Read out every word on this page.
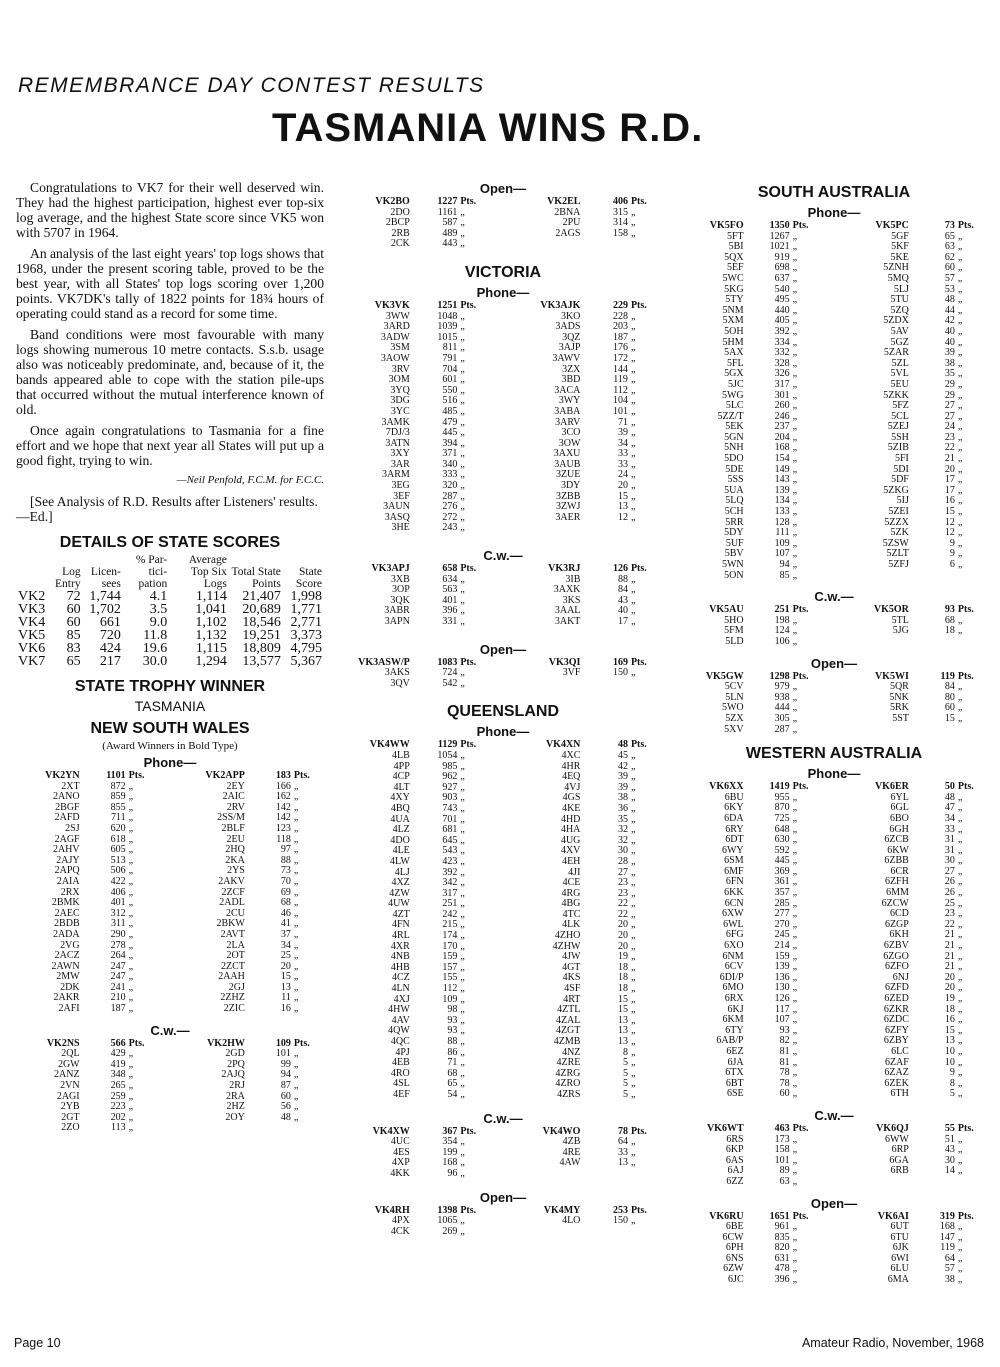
REMEMBRANCE DAY CONTEST RESULTS
TASMANIA WINS R.D.

Congratulations to VK7 for their well deserved win. They had the highest participation, highest ever top-six log average, and the highest State score since VK5 won with 5707 in 1964.

An analysis of the last eight years' top logs shows that 1968, under the present scoring table, proved to be the best year, with all States' top logs scoring over 1,200 points. VK7DK's tally of 1822 points for 18¾ hours of operating could stand as a record for some time.

Band conditions were most favourable with many logs showing numerous 10 metre contacts. S.s.b. usage also was noticeably predominate, and, because of it, the bands appeared able to cope with the station pile-ups that occurred without the mutual interference known of old.

Once again congratulations to Tasmania for a fine effort and we hope that next year all States will put up a good fight, trying to win.

—Neil Penfold, F.C.M. for F.C.C.

[See Analysis of R.D. Results after Listeners' results.—Ed.]

DETAILS OF STATE SCORES
	Log Entry	Licen-sees	% Par-tici-pation	Average Top Six Logs	Total State Points	State Score
VK2	72	1,744	4.1	1,114	21,407	1,998
VK3	60	1,702	3.5	1,041	20,689	1,771
VK4	60	661	9.0	1,102	18,546	2,771
VK5	85	720	11.8	1,132	19,251	3,373
VK6	83	424	19.6	1,115	18,809	4,795
VK7	65	217	30.0	1,294	13,577	5,367
STATE TROPHY WINNER
TASMANIA
NEW SOUTH WALES
(Award Winners in Bold Type)
Phone—
VK2YN	1101	Pts.	VK2APP	183	Pts.
2XT	872	„	2EY	166	„
2ANO	859	„	2AIC	162	„
2BGF	855	„	2RV	142	„
2AFD	711	„	2SS/M	142	„
2SJ	620	„	2BLF	123	„
2AGF	618	„	2EU	118	„
2AHV	605	„	2HQ	97	„
2AJY	513	„	2KA	88	„
2APQ	506	„	2YS	73	„
2AIA	422	„	2AKV	70	„
2RX	406	„	2ZCF	69	„
2BMK	401	„	2ADL	68	„
2AEC	312	„	2CU	46	„
2BDB	311	„	2BKW	41	„
2ADA	290	„	2AVT	37	„
2VG	278	„	2LA	34	„
2ACZ	264	„	2OT	25	„
2AWN	247	„	2ZCT	20	„
2MW	247	„	2AAH	15	„
2DK	241	„	2GJ	13	„
2AKR	210	„	2ZHZ	11	„
2AFI	187	„	2ZIC	16	„
C.w.—
VK2NS	566	Pts.	VK2HW	109	Pts.
2QL	429	„	2GD	101	„
2GW	419	„	2PQ	99	„
2ANZ	348	„	2AJQ	94	„
2VN	265	„	2RJ	87	„
2AGI	259	„	2RA	60	„
2YB	223	„	2HZ	56	„
2GT	202	„	2OY	48	„
2ZO	113	„			
Open—
VK2BO	1227	Pts.	VK2EL	406	Pts.
2DO	1161	„	2BNA	315	„
2BCP	587	„	2PU	314	„
2RB	489	„	2AGS	158	„
2CK	443	„			
VICTORIA
Phone—
VK3VK	1251	Pts.	VK3AJK	229	Pts.
3WW	1048	„	3KO	228	„
3ARD	1039	„	3ADS	203	„
3ADW	1015	„	3QZ	187	„
3SM	811	„	3AJP	176	„
3AOW	791	„	3AWV	172	„
3RV	704	„	3ZX	144	„
3OM	601	„	3BD	119	„
3YQ	550	„	3ACA	112	„
3DG	516	„	3WY	104	„
3YC	485	„	3ABA	101	„
3AMK	479	„	3ARV	71	„
7DJ/3	445	„	3CO	39	„
3ATN	394	„	3OW	34	„
3XY	371	„	3AXU	33	„
3AR	340	„	3AUB	33	„
3ARM	333	„	3ZUE	24	„
3EG	320	„	3DY	20	„
3EF	287	„	3ZBB	15	„
3AUN	276	„	3ZWJ	13	„
3ASQ	272	„	3AER	12	„
3HE	243	„			
C.w.—
VK3APJ	658	Pts.	VK3RJ	126	Pts.
3XB	634	„	3IB	88	„
3OP	563	„	3AXK	84	„
3QK	401	„	3KS	43	„
3ABR	396	„	3AAL	40	„
3APN	331	„	3AKT	17	„
Open—
VK3ASW/P	1083	Pts.	VK3QI	169	Pts.
3AKS	724	„	3VF	150	„
3QV	542	„			
QUEENSLAND
Phone—
VK4WW	1129	Pts.	VK4XN	48	Pts.
4LB	1054	„	4XC	45	„
4PP	985	„	4HR	42	„
4CP	962	„	4EQ	39	„
4LT	927	„	4VJ	39	„
4XY	903	„	4GS	38	„
4BQ	743	„	4KE	36	„
4UA	701	„	4HD	35	„
4LZ	681	„	4HA	32	„
4DO	645	„	4UG	32	„
4LE	543	„	4XV	30	„
4LW	423	„	4EH	28	„
4LJ	392	„	4JI	27	„
4XZ	342	„	4CE	23	„
4ZW	317	„	4RG	23	„
4UW	251	„	4BG	22	„
4ZT	242	„	4TC	22	„
4FN	215	„	4LK	20	„
4RL	174	„	4ZHO	20	„
4XR	170	„	4ZHW	20	„
4NB	159	„	4JW	19	„
4HB	157	„	4GT	18	„
4CZ	155	„	4KS	18	„
4LN	112	„	4SF	18	„
4XJ	109	„	4RT	15	„
4HW	98	„	4ZTL	15	„
4AV	93	„	4ZAL	13	„
4QW	93	„	4ZGT	13	„
4QC	88	„	4ZMB	13	„
4PJ	86	„	4NZ	8	„
4EB	71	„	4ZRE	5	„
4RO	68	„	4ZRG	5	„
4SL	65	„	4ZRO	5	„
4EF	54	„	4ZRS	5	„
C.w.—
VK4XW	367	Pts.	VK4WO	78	Pts.
4UC	354	„	4ZB	64	„
4ES	199	„	4RE	33	„
4XP	168	„	4AW	13	„
4KK	96	„			
Open—
VK4RH	1398	Pts.	VK4MY	253	Pts.
4PX	1065	„	4LO	150	„
4CK	269	„			
SOUTH AUSTRALIA
Phone—
VK5FO	1350	Pts.	VK5PC	73	Pts.
5FT	1267	„	5GF	65	„
5BI	1021	„	5KF	63	„
5QX	919	„	5KE	62	„
5EF	698	„	5ZNH	60	„
5WC	637	„	5MQ	57	„
5KG	540	„	5LJ	53	„
5TY	495	„	5TU	48	„
5NM	440	„	5ZQ	44	„
5XM	405	„	5ZDX	42	„
5OH	392	„	5AV	40	„
5HM	334	„	5GZ	40	„
5AX	332	„	5ZAR	39	„
5FL	328	„	5ZL	38	„
5GX	326	„	5VL	35	„
5JC	317	„	5EU	29	„
5WG	301	„	5ZKK	29	„
5LC	260	„	5FZ	27	„
5ZZ/T	246	„	5CL	27	„
5EK	237	„	5ZEJ	24	„
5GN	204	„	5SH	23	„
5NH	168	„	5ZIB	22	„
5DO	154	„	5FI	21	„
5DE	149	„	5DI	20	„
5SS	143	„	5DF	17	„
5UA	139	„	5ZKG	17	„
5LQ	134	„	5IJ	16	„
5CH	133	„	5ZEI	15	„
5RR	128	„	5ZZX	12	„
5DY	111	„	5ZK	12	„
5UF	109	„	5ZSW	9	„
5BV	107	„	5ZLT	9	„
5WN	94	„	5ZFJ	6	„
5ON	85	„			
C.w.—
VK5AU	251	Pts.	VK5OR	93	Pts.
5HO	198	„	5TL	68	„
5FM	124	„	5JG	18	„
5LD	106	„			
Open—
VK5GW	1298	Pts.	VK5WI	119	Pts.
5CV	979	„	5QR	84	„
5LN	938	„	5NK	80	„
5WO	444	„	5RK	60	„
5ZX	305	„	5ST	15	„
5XV	287	„			
WESTERN AUSTRALIA
Phone—
VK6XX	1419	Pts.	VK6ER	50	Pts.
6BU	955	„	6YL	48	„
6KY	870	„	6GL	47	„
6DA	725	„	6BO	34	„
6RY	648	„	6GH	33	„
6DT	630	„	6ZCB	31	„
6WY	592	„	6KW	31	„
6SM	445	„	6ZBB	30	„
6MF	369	„	6CR	27	„
6FN	361	„	6ZFH	26	„
6KK	357	„	6MM	26	„
6CN	285	„	6ZCW	25	„
6XW	277	„	6CD	23	„
6WL	270	„	6ZGP	22	„
6FG	245	„	6KH	21	„
6XO	214	„	6ZBV	21	„
6NM	159	„	6ZGO	21	„
6CV	139	„	6ZFO	21	„
6DI/P	136	„	6NJ	20	„
6MO	130	„	6ZFD	20	„
6RX	126	„	6ZED	19	„
6KJ	117	„	6ZKR	18	„
6KM	107	„	6ZDC	16	„
6TY	93	„	6ZFY	15	„
6AB/P	82	„	6ZBY	13	„
6EZ	81	„	6LC	10	„
6JA	81	„	6ZAF	10	„
6TX	78	„	6ZAZ	9	„
6BT	78	„	6ZEK	8	„
6SE	60	„	6TH	5	„
C.w.—
VK6WT	463	Pts.	VK6QJ	55	Pts.
6RS	173	„	6WW	51	„
6KP	158	„	6RP	43	„
6AS	101	„	6GA	30	„
6AJ	89	„	6RB	14	„
6ZZ	63	„			
Open—
VK6RU	1651	Pts.	VK6AI	319	Pts.
6BE	961	„	6UT	168	„
6CW	835	„	6TU	147	„
6PH	820	„	6JK	119	„
6NS	631	„	6WI	64	„
6ZW	478	„	6LU	57	„
6JC	396	„	6MA	38	„
Page 10	Amateur Radio, November, 1968
